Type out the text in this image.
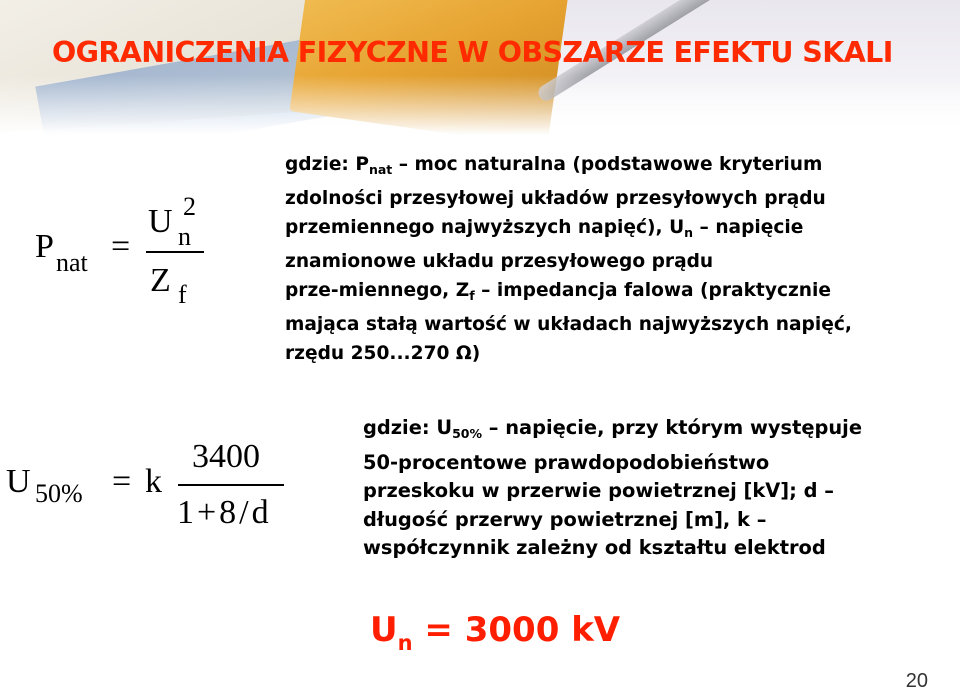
OGRANICZENIA FIZYCZNE W OBSZARZE EFEKTU SKALI
P nat =
U 2
n
Z f
gdzie: $P_{nat}$ – moc naturalna (podstawowe kryterium
zdolności przesyłowej układów przesyłowych prądu
przemiennego najwyższych napięć), $U_n$ – napięcie
znamionowe układu przesyłowego prądu
prze-miennego, $Z_f$ – impedancja falowa (praktycznie
mająca stałą wartość w układach najwyższych napięć,
rzędu 250...270 Ω)
U 50% = k
3400
1+8/d
gdzie: $U_{50\%}$ – napięcie, przy którym występuje
50-procentowe prawdopodobieństwo
przeskoku w przerwie powietrznej [kV]; d –
długość przerwy powietrznej [m], k –
współczynnik zależny od kształtu elektrod
$U_n = 3000$ kV
20
